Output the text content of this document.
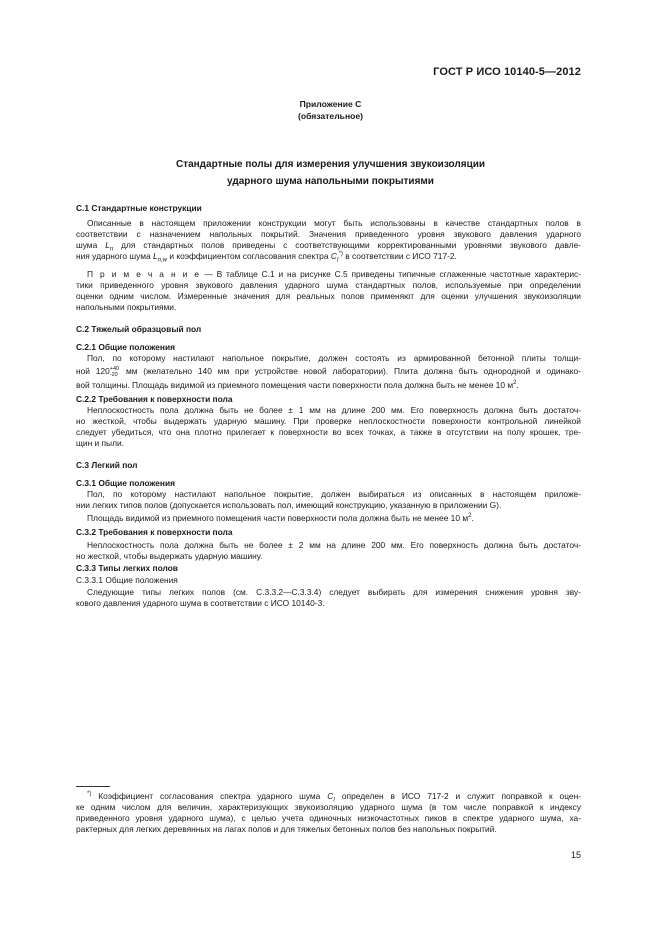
ГОСТ Р ИСО 10140-5—2012
Приложение С
(обязательное)
Стандартные полы для измерения улучшения звукоизоляции
ударного шума напольными покрытиями
С.1 Стандартные конструкции
Описанные в настоящем приложении конструкции могут быть использованы в качестве стандартных полов в
соответствии с назначением напольных покрытий. Значения приведенного уровня звукового давления ударного
шума $L_n$ для стандартных полов приведены с соответствующими корректированными уровнями звукового давле-
ния ударного шума $L_{n,w}$ и коэффициентом согласования спектра $C_I^{*)}$ в соответствии с ИСО 717-2.
П р и м е ч а н и е — В таблице С.1 и на рисунке С.5 приведены типичные сглаженные частотные характерис-
тики приведенного уровня звукового давления ударного шума стандартных полов, используемые при определении
оценки одним числом. Измеренные значения для реальных полов применяют для оценки улучшения звукоизоляции
напольными покрытиями.
С.2 Тяжелый образцовый пол
С.2.1 Общие положения
Пол, по которому настилают напольное покрытие, должен состоять из армированной бетонной плиты толщи-
ной 120 +40
-20 мм (желательно 140 мм при устройстве новой лаборатории). Плита должна быть однородной и одинако-
вой толщины. Площадь видимой из приемного помещения части поверхности пола должна быть не менее 10 $м^2$.
С.2.2 Требования к поверхности пола
Неплоскостность пола должна быть не более ± 1 мм на длине 200 мм. Его поверхность должна быть достаточ-
но жесткой, чтобы выдержать ударную машину. При проверке неплоскостности поверхности контрольной линейкой
следует убедиться, что она плотно прилегает к поверхности во всех точках, а также в отсутствии на полу крошек, тре-
щин и пыли.
С.3 Легкий пол
С.3.1 Общие положения
Пол, по которому настилают напольное покрытие, должен выбираться из описанных в настоящем приложе-
нии легких типов полов (допускается использовать пол, имеющий конструкцию, указанную в приложении G).
Площадь видимой из приемного помещения части поверхности пола должна быть не менее 10 $м^2$.
С.3.2 Требования к поверхности пола
Неплоскостность пола должна быть не более ± 2 мм на длине 200 мм. Его поверхность должна быть достаточ-
но жесткой, чтобы выдержать ударную машину.
С.3.3 Типы легких полов
С.3.3.1 Общие положения
Следующие типы легких полов (см. С.3.3.2—С.3.3.4) следует выбирать для измерения снижения уровня зву-
кового давления ударного шума в соответствии с ИСО 10140-3.
*) Коэффициент согласования спектра ударного шума $C_I$ определен в ИСО 717-2 и служит поправкой к оцен-
ке одним числом для величин, характеризующих звукоизоляцию ударного шума (в том числе поправкой к индексу
приведенного уровня ударного шума), с целью учета одиночных низкочастотных пиков в спектре ударного шума, ха-
рактерных для легких деревянных на лагах полов и для тяжелых бетонных полов без напольных покрытий.
15
